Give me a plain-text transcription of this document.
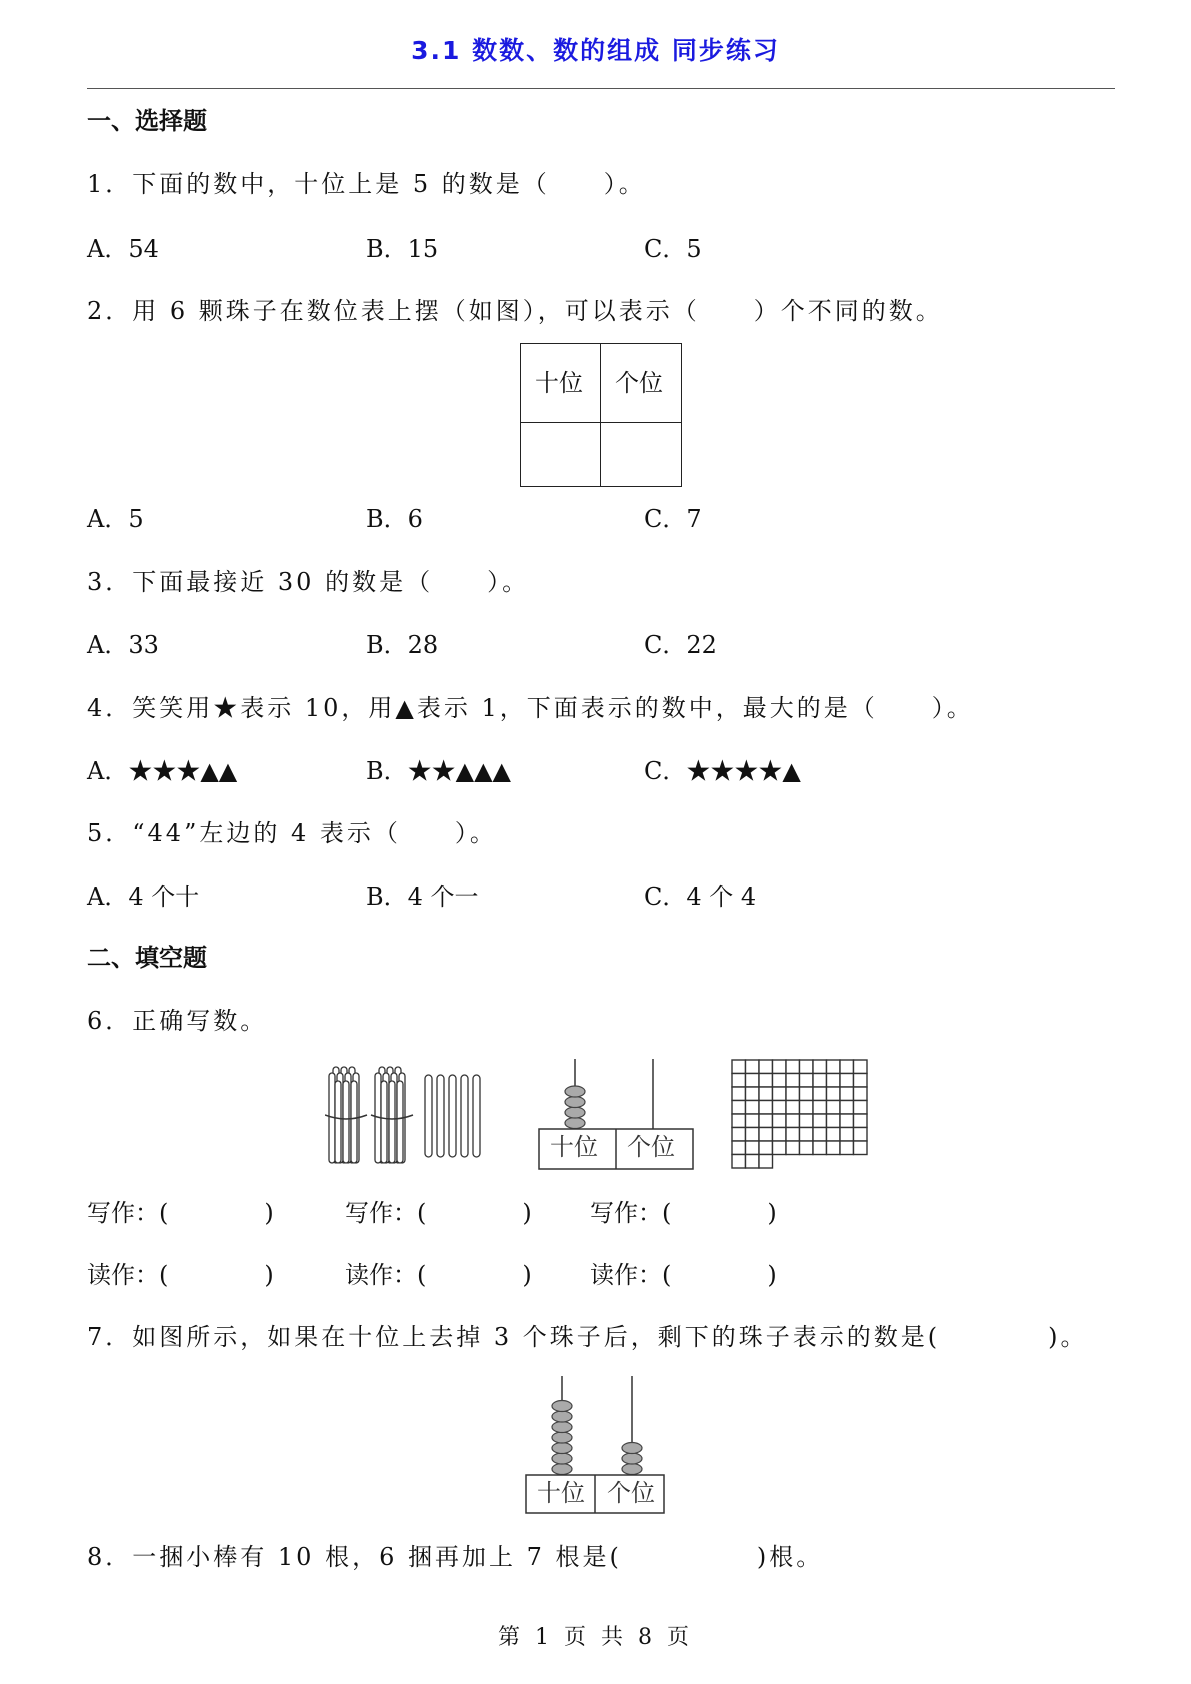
3.1 数数、数的组成 同步练习
一、选择题
1．下面的数中，十位上是 5 的数是（　　）。
A．54	B．15	C．5
2．用 6 颗珠子在数位表上摆（如图），可以表示（　　）个不同的数。
十位 个位
A．5	B．6	C．7
3．下面最接近 30 的数是（　　）。
A．33	B．28	C．22
4．笑笑用★表示 10，用▲表示 1，下面表示的数中，最大的是（　　）。
A．★★★▲▲	B．★★▲▲▲	C．★★★★▲
5．“44”左边的 4 表示（　　）。
A．4 个十	B．4 个一	C．4 个 4
二、填空题
6．正确写数。
十位 个位
写作：(　　　　)	写作：(　　　　) 写作：(　　　　)
读作：(　　　　)	读作：(　　　　) 读作：(　　　　)
7．如图所示，如果在十位上去掉 3 个珠子后，剩下的珠子表示的数是(　　　　)。
十位 个位
8．一捆小棒有 10 根，6 捆再加上 7 根是(　　　　　)根。
第 1 页 共 8 页
